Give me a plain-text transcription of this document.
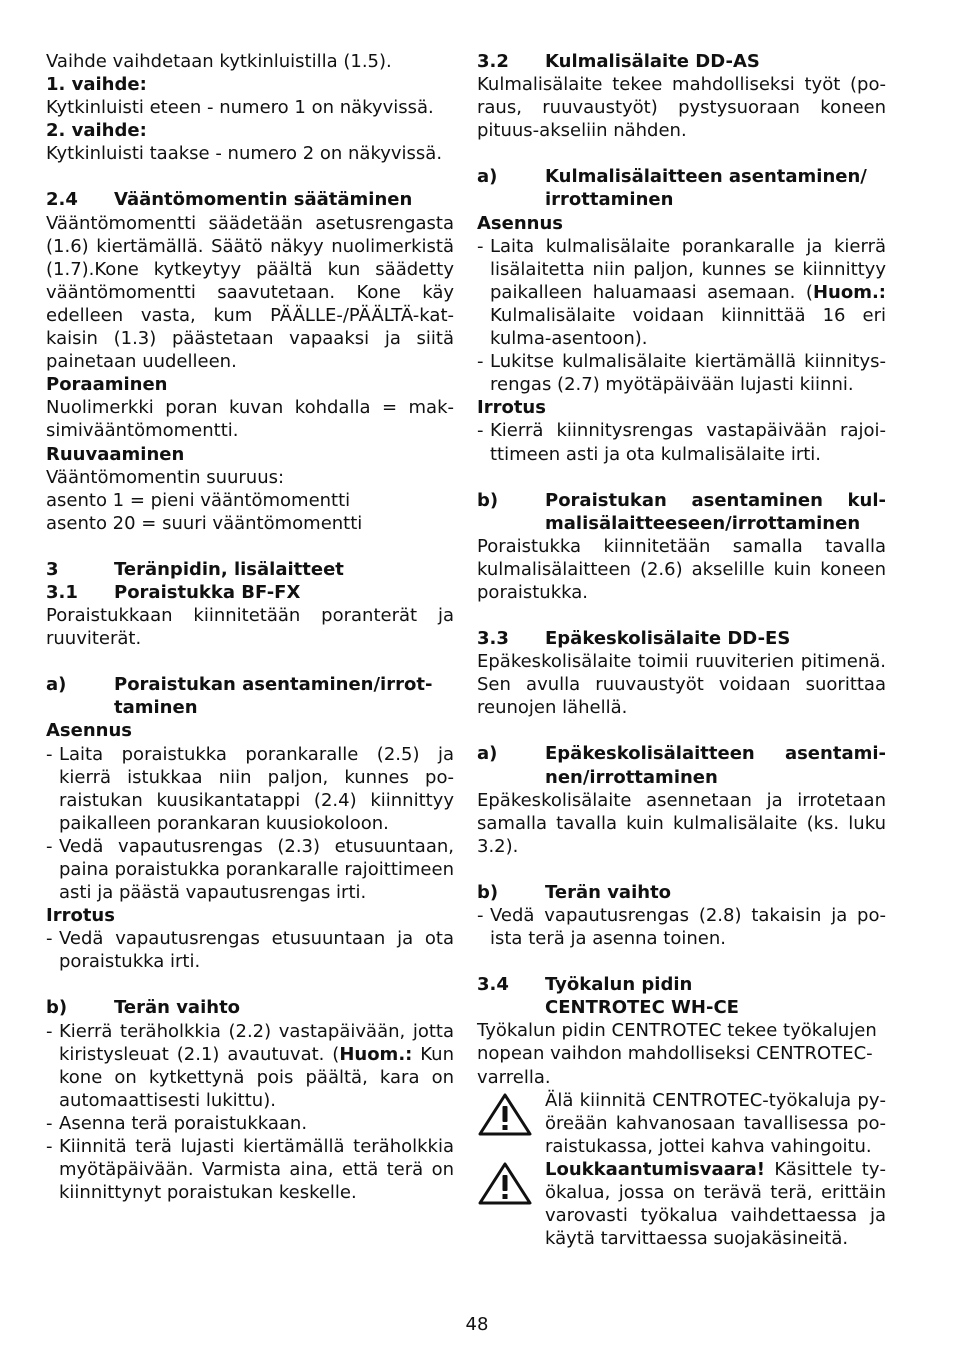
Vaihde vaihdetaan kytkinluistilla (1.5).

1. vaihde:

Kytkinluisti eteen - numero 1 on näkyvissä.

2. vaihde:

Kytkinluisti taakse - numero 2 on näkyvissä.

2.4	Vääntömomentin säätäminen

Vääntömomentti säädetään asetusrengasta (1.6) kiertämällä. Säätö näkyy nuolimerkistä (1.7).Kone kytkeytyy päältä kun säädetty vääntömomentti saavutetaan. Kone käy edelleen vasta, kum PÄÄLLE-/PÄÄLTÄ-katkaisin (1.3) päästetaan vapaaksi ja siitä painetaan uudelleen.

Poraaminen

Nuolimerkki poran kuvan kohdalla = maksimivääntömomentti.

Ruuvaaminen

Vääntömomentin suuruus:

asento 1 = pieni vääntömomentti

asento 20 = suuri vääntömomentti

3	Teränpidin, lisälaitteet
3.1	Poraistukka BF-FX

Poraistukkaan kiinnitetään poranterät ja ruuviterät.

a)	Poraistukan asentaminen/irrottaminen

Asennus

- Laita poraistukka porankaralle (2.5) ja kierrä istukkaa niin paljon, kunnes poraistukan kuusikantatappi (2.4) kiinnittyy paikalleen porankaran kuusiokoloon.
- Vedä vapautusrengas (2.3) etusuuntaan, paina poraistukka porankaralle rajoittimeen asti ja päästä vapautusrengas irti.

Irrotus

- Vedä vapautusrengas etusuuntaan ja ota poraistukka irti.
b)	Terän vaihto
- Kierrä teräholkkia (2.2) vastapäivään, jotta kiristysleuat (2.1) avautuvat. (Huom.: Kun kone on kytkettynä pois päältä, kara on automaattisesti lukittu).
- Asenna terä poraistukkaan.
- Kiinnitä terä lujasti kiertämällä teräholkkia myötäpäivään. Varmista aina, että terä on kiinnittynyt poraistukan keskelle.
3.2	Kulmalisälaite DD-AS

Kulmalisälaite tekee mahdolliseksi työt (poraus, ruuvaustyöt) pystysuoraan koneen pituus-akseliin nähden.

a)	Kulmalisälaitteen asentaminen/ irrottaminen

Asennus

- Laita kulmalisälaite porankaralle ja kierrä lisälaitetta niin paljon, kunnes se kiinnittyy paikalleen haluamaasi asemaan. (Huom.: Kulmalisälaite voidaan kiinnittää 16 eri kulma-asentoon).
- Lukitse kulmalisälaite kiertämällä kiinnitysrengas (2.7) myötäpäivään lujasti kiinni.

Irrotus

- Kierrä kiinnitysrengas vastapäivään rajoittimeen asti ja ota kulmalisälaite irti.
b)	Poraistukan asentaminen kulmalisälaitteeseen/irrottaminen

Poraistukka kiinnitetään samalla tavalla kulmalisälaitteen (2.6) akselille kuin koneen poraistukka.

3.3	Epäkeskolisälaite DD-ES

Epäkeskolisälaite toimii ruuviterien pitimenä. Sen avulla ruuvaustyöt voidaan suorittaa reunojen lähellä.

a)	Epäkeskolisälaitteen asentaminen/irrottaminen

Epäkeskolisälaite asennetaan ja irrotetaan samalla tavalla kuin kulmalisälaite (ks. luku 3.2).

b)	Terän vaihto
- Vedä vapautusrengas (2.8) takaisin ja poista terä ja asenna toinen.
3.4	Työkalun pidin
CENTROTEC WH-CE

Työkalun pidin CENTROTEC tekee työkalujen nopean vaihdon mahdolliseksi CENTROTEC-varrella.

Älä kiinnitä CENTROTEC-työkaluja pyöreään kahvanosaan tavallisessa poraistukassa, jottei kahva vahingoitu.
Loukkaantumisvaara! Käsittele työkalua, jossa on terävä terä, erittäin varovasti työkalua vaihdettaessa ja käytä tarvittaessa suojakäsineitä.
48
